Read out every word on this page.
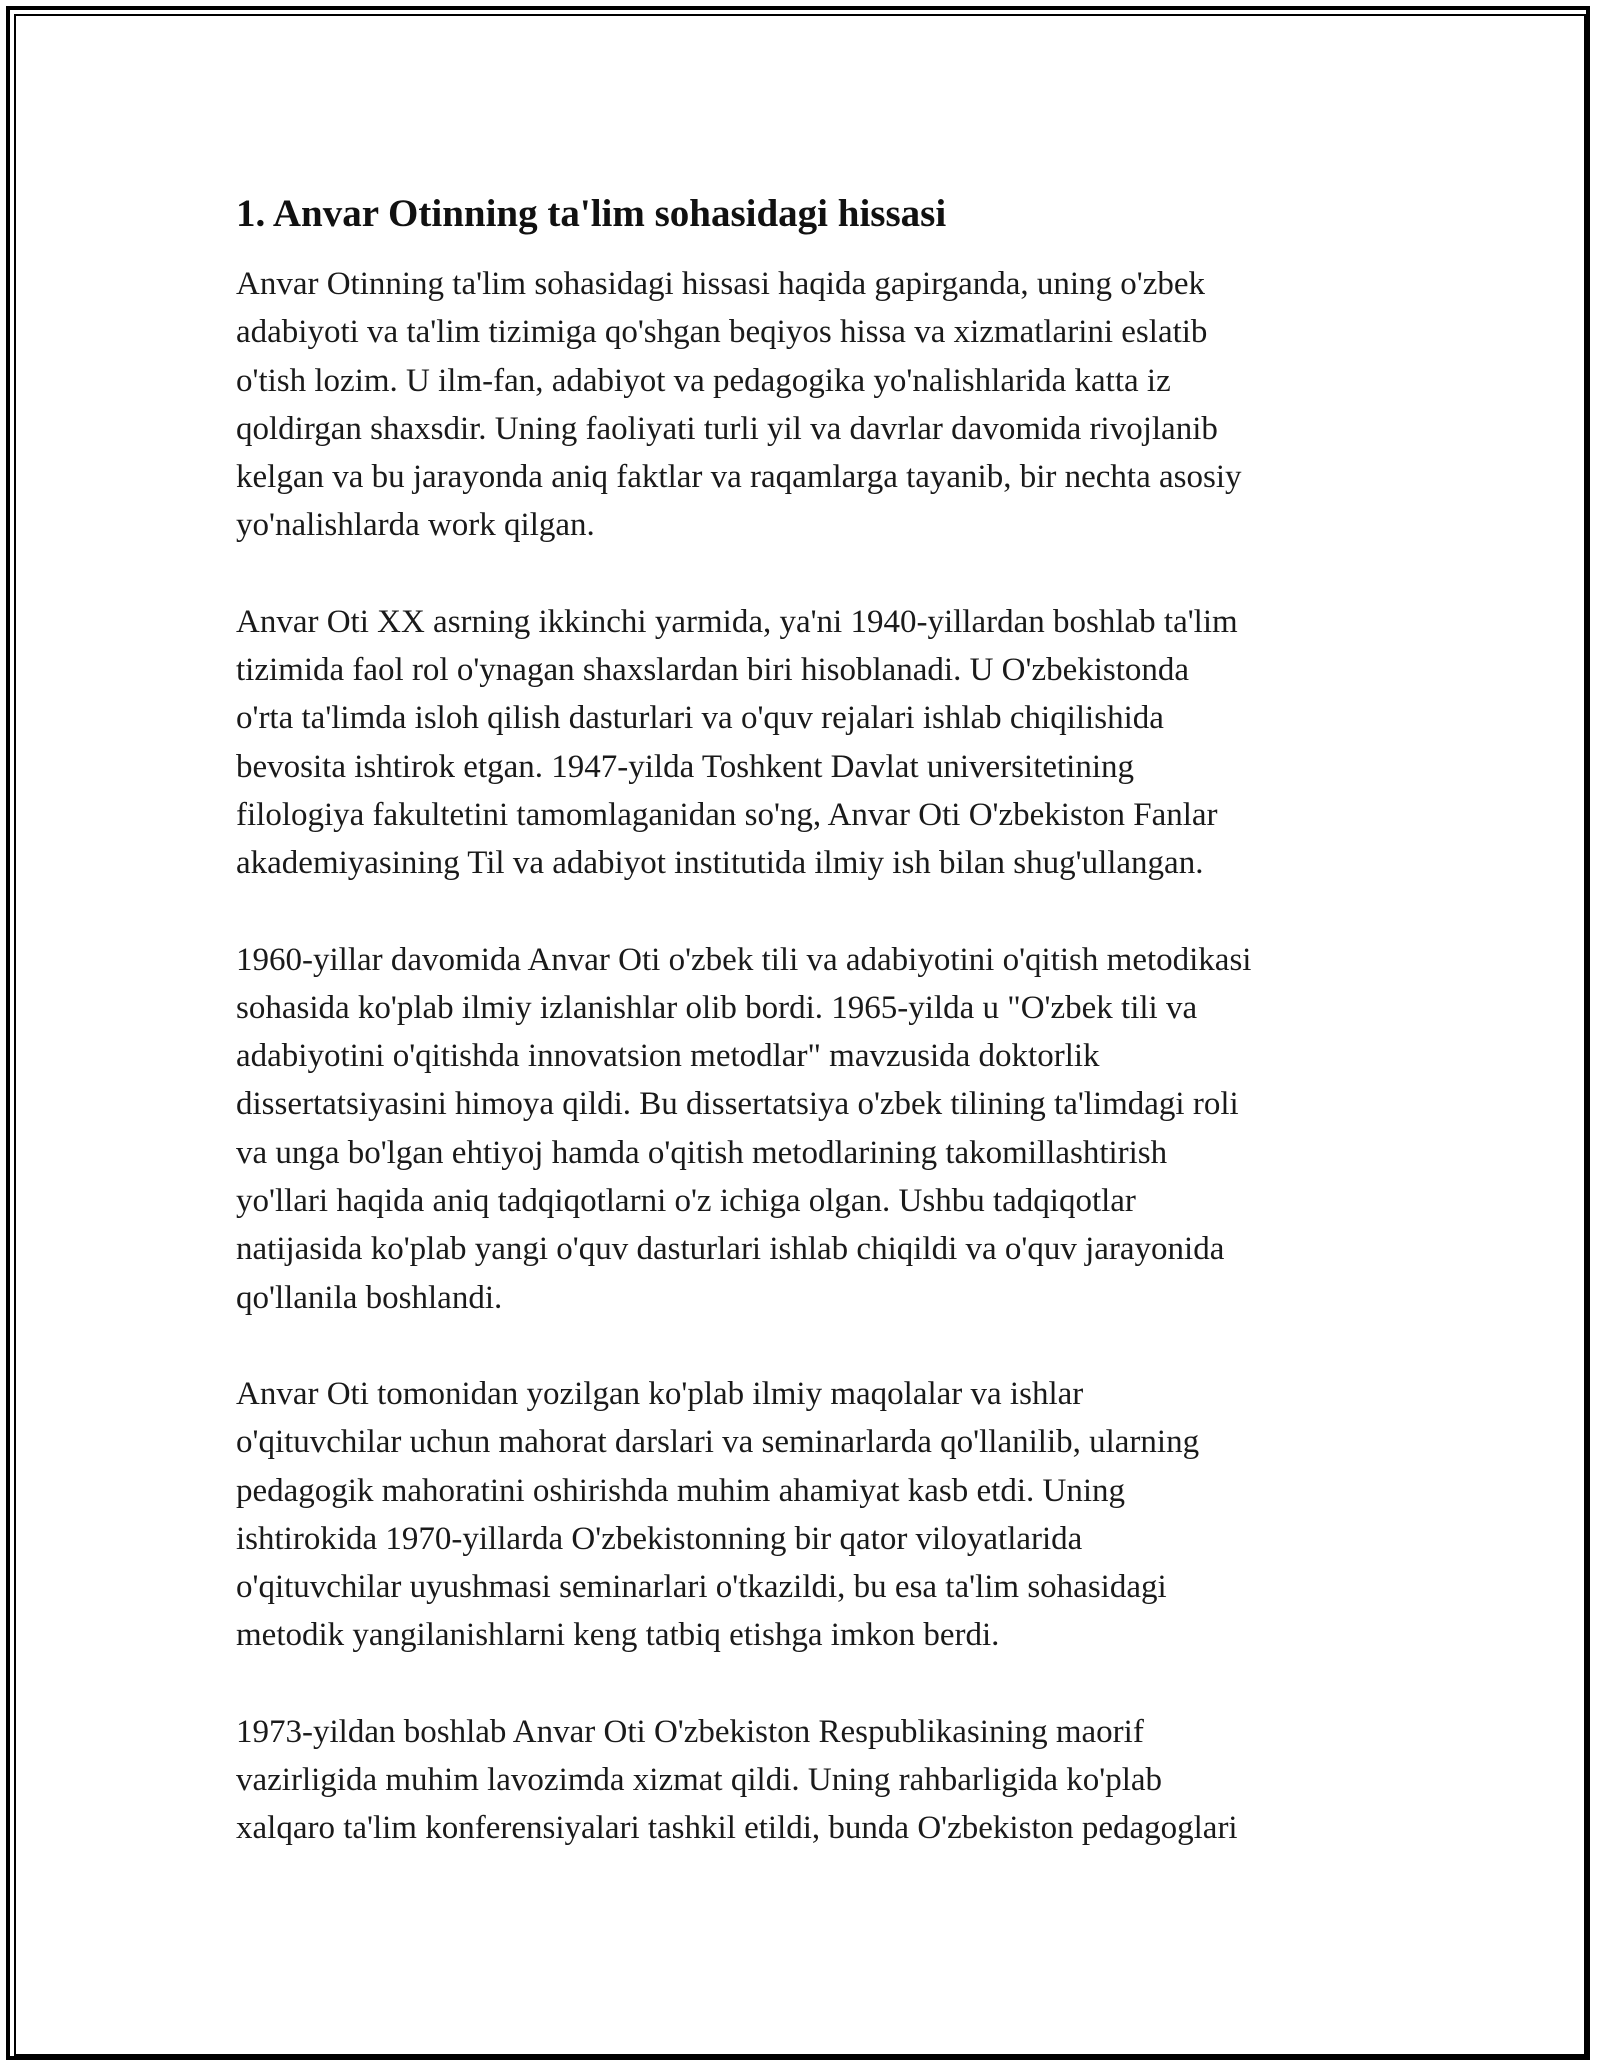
1. Anvar Otinning ta'lim sohasidagi hissasi

Anvar Otinning ta'lim sohasidagi hissasi haqida gapirganda, uning o'zbek
adabiyoti va ta'lim tizimiga qo'shgan beqiyos hissa va xizmatlarini eslatib
o'tish lozim. U ilm-fan, adabiyot va pedagogika yo'nalishlarida katta iz
qoldirgan shaxsdir. Uning faoliyati turli yil va davrlar davomida rivojlanib
kelgan va bu jarayonda aniq faktlar va raqamlarga tayanib, bir nechta asosiy
yo'nalishlarda work qilgan.

Anvar Oti XX asrning ikkinchi yarmida, ya'ni 1940-yillardan boshlab ta'lim
tizimida faol rol o'ynagan shaxslardan biri hisoblanadi. U O'zbekistonda
o'rta ta'limda isloh qilish dasturlari va o'quv rejalari ishlab chiqilishida
bevosita ishtirok etgan. 1947-yilda Toshkent Davlat universitetining
filologiya fakultetini tamomlaganidan so'ng, Anvar Oti O'zbekiston Fanlar
akademiyasining Til va adabiyot institutida ilmiy ish bilan shug'ullangan.

1960-yillar davomida Anvar Oti o'zbek tili va adabiyotini o'qitish metodikasi
sohasida ko'plab ilmiy izlanishlar olib bordi. 1965-yilda u "O'zbek tili va
adabiyotini o'qitishda innovatsion metodlar" mavzusida doktorlik
dissertatsiyasini himoya qildi. Bu dissertatsiya o'zbek tilining ta'limdagi roli
va unga bo'lgan ehtiyoj hamda o'qitish metodlarining takomillashtirish
yo'llari haqida aniq tadqiqotlarni o'z ichiga olgan. Ushbu tadqiqotlar
natijasida ko'plab yangi o'quv dasturlari ishlab chiqildi va o'quv jarayonida
qo'llanila boshlandi.

Anvar Oti tomonidan yozilgan ko'plab ilmiy maqolalar va ishlar
o'qituvchilar uchun mahorat darslari va seminarlarda qo'llanilib, ularning
pedagogik mahoratini oshirishda muhim ahamiyat kasb etdi. Uning
ishtirokida 1970-yillarda O'zbekistonning bir qator viloyatlarida
o'qituvchilar uyushmasi seminarlari o'tkazildi, bu esa ta'lim sohasidagi
metodik yangilanishlarni keng tatbiq etishga imkon berdi.

1973-yildan boshlab Anvar Oti O'zbekiston Respublikasining maorif
vazirligida muhim lavozimda xizmat qildi. Uning rahbarligida ko'plab
xalqaro ta'lim konferensiyalari tashkil etildi, bunda O'zbekiston pedagoglari
